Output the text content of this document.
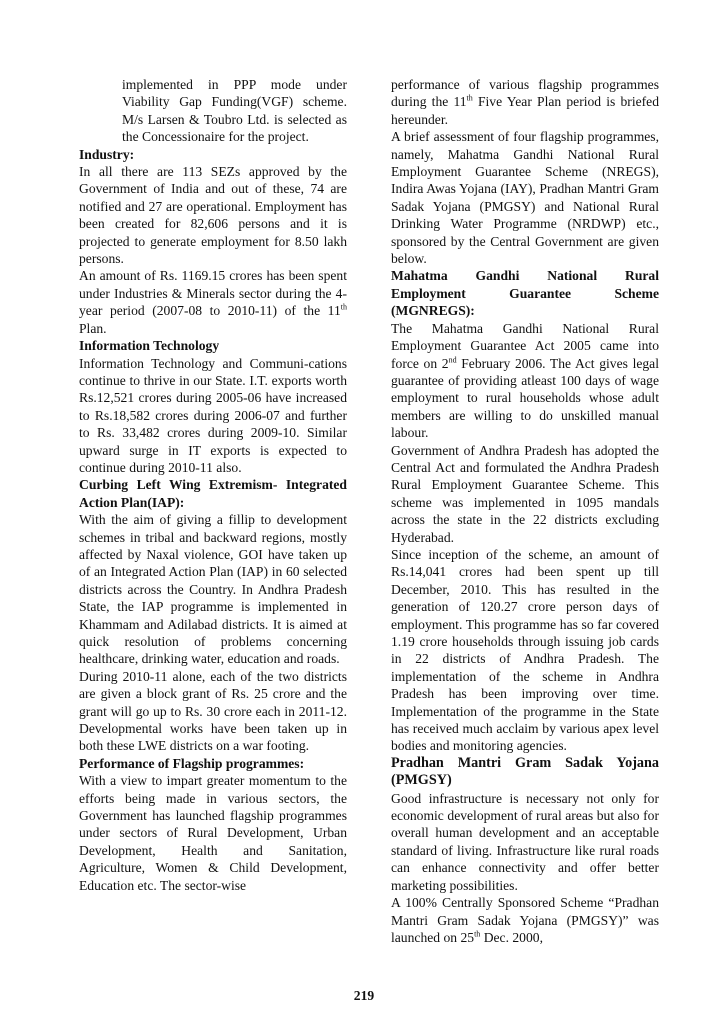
implemented in PPP mode under Viability Gap Funding(VGF) scheme. M/s Larsen & Toubro Ltd. is selected as the Concessionaire for the project.

Industry:

In all there are 113 SEZs approved by the Government of India and out of these, 74 are notified and 27 are operational. Employment has been created for 82,606 persons and it is projected to generate employment for 8.50 lakh persons.

An amount of Rs. 1169.15 crores has been spent under Industries & Minerals sector during the 4-year period (2007-08 to 2010-11) of the 11th Plan.

Information Technology

Information Technology and Communi-cations continue to thrive in our State. I.T. exports worth Rs.12,521 crores during 2005-06 have increased to Rs.18,582 crores during 2006-07 and further to Rs. 33,482 crores during 2009-10. Similar upward surge in IT exports is expected to continue during 2010-11 also.

Curbing Left Wing Extremism- Integrated Action Plan(IAP):

With the aim of giving a fillip to development schemes in tribal and backward regions, mostly affected by Naxal violence, GOI have taken up of an Integrated Action Plan (IAP) in 60 selected districts across the Country. In Andhra Pradesh State, the IAP programme is implemented in Khammam and Adilabad districts. It is aimed at quick resolution of problems concerning healthcare, drinking water, education and roads.

During 2010-11 alone, each of the two districts are given a block grant of Rs. 25 crore and the grant will go up to Rs. 30 crore each in 2011-12. Developmental works have been taken up in both these LWE districts on a war footing.

Performance of Flagship programmes:

With a view to impart greater momentum to the efforts being made in various sectors, the Government has launched flagship programmes under sectors of Rural Development, Urban Development, Health and Sanitation, Agriculture, Women & Child Development, Education etc. The sector-wise

performance of various flagship programmes during the 11th Five Year Plan period is briefed hereunder.

A brief assessment of four flagship programmes, namely, Mahatma Gandhi National Rural Employment Guarantee Scheme (NREGS), Indira Awas Yojana (IAY), Pradhan Mantri Gram Sadak Yojana (PMGSY) and National Rural Drinking Water Programme (NRDWP) etc., sponsored by the Central Government are given below.

Mahatma Gandhi National Rural Employment Guarantee Scheme (MGNREGS):

The Mahatma Gandhi National Rural Employment Guarantee Act 2005 came into force on 2nd February 2006. The Act gives legal guarantee of providing atleast 100 days of wage employment to rural households whose adult members are willing to do unskilled manual labour.

Government of Andhra Pradesh has adopted the Central Act and formulated the Andhra Pradesh Rural Employment Guarantee Scheme. This scheme was implemented in 1095 mandals across the state in the 22 districts excluding Hyderabad.

Since inception of the scheme, an amount of Rs.14,041 crores had been spent up till December, 2010. This has resulted in the generation of 120.27 crore person days of employment. This programme has so far covered 1.19 crore households through issuing job cards in 22 districts of Andhra Pradesh. The implementation of the scheme in Andhra Pradesh has been improving over time. Implementation of the programme in the State has received much acclaim by various apex level bodies and monitoring agencies.

Pradhan Mantri Gram Sadak Yojana (PMGSY)

Good infrastructure is necessary not only for economic development of rural areas but also for overall human development and an acceptable standard of living. Infrastructure like rural roads can enhance connectivity and offer better marketing possibilities.

A 100% Centrally Sponsored Scheme “Pradhan Mantri Gram Sadak Yojana (PMGSY)” was launched on 25th Dec. 2000,

219
